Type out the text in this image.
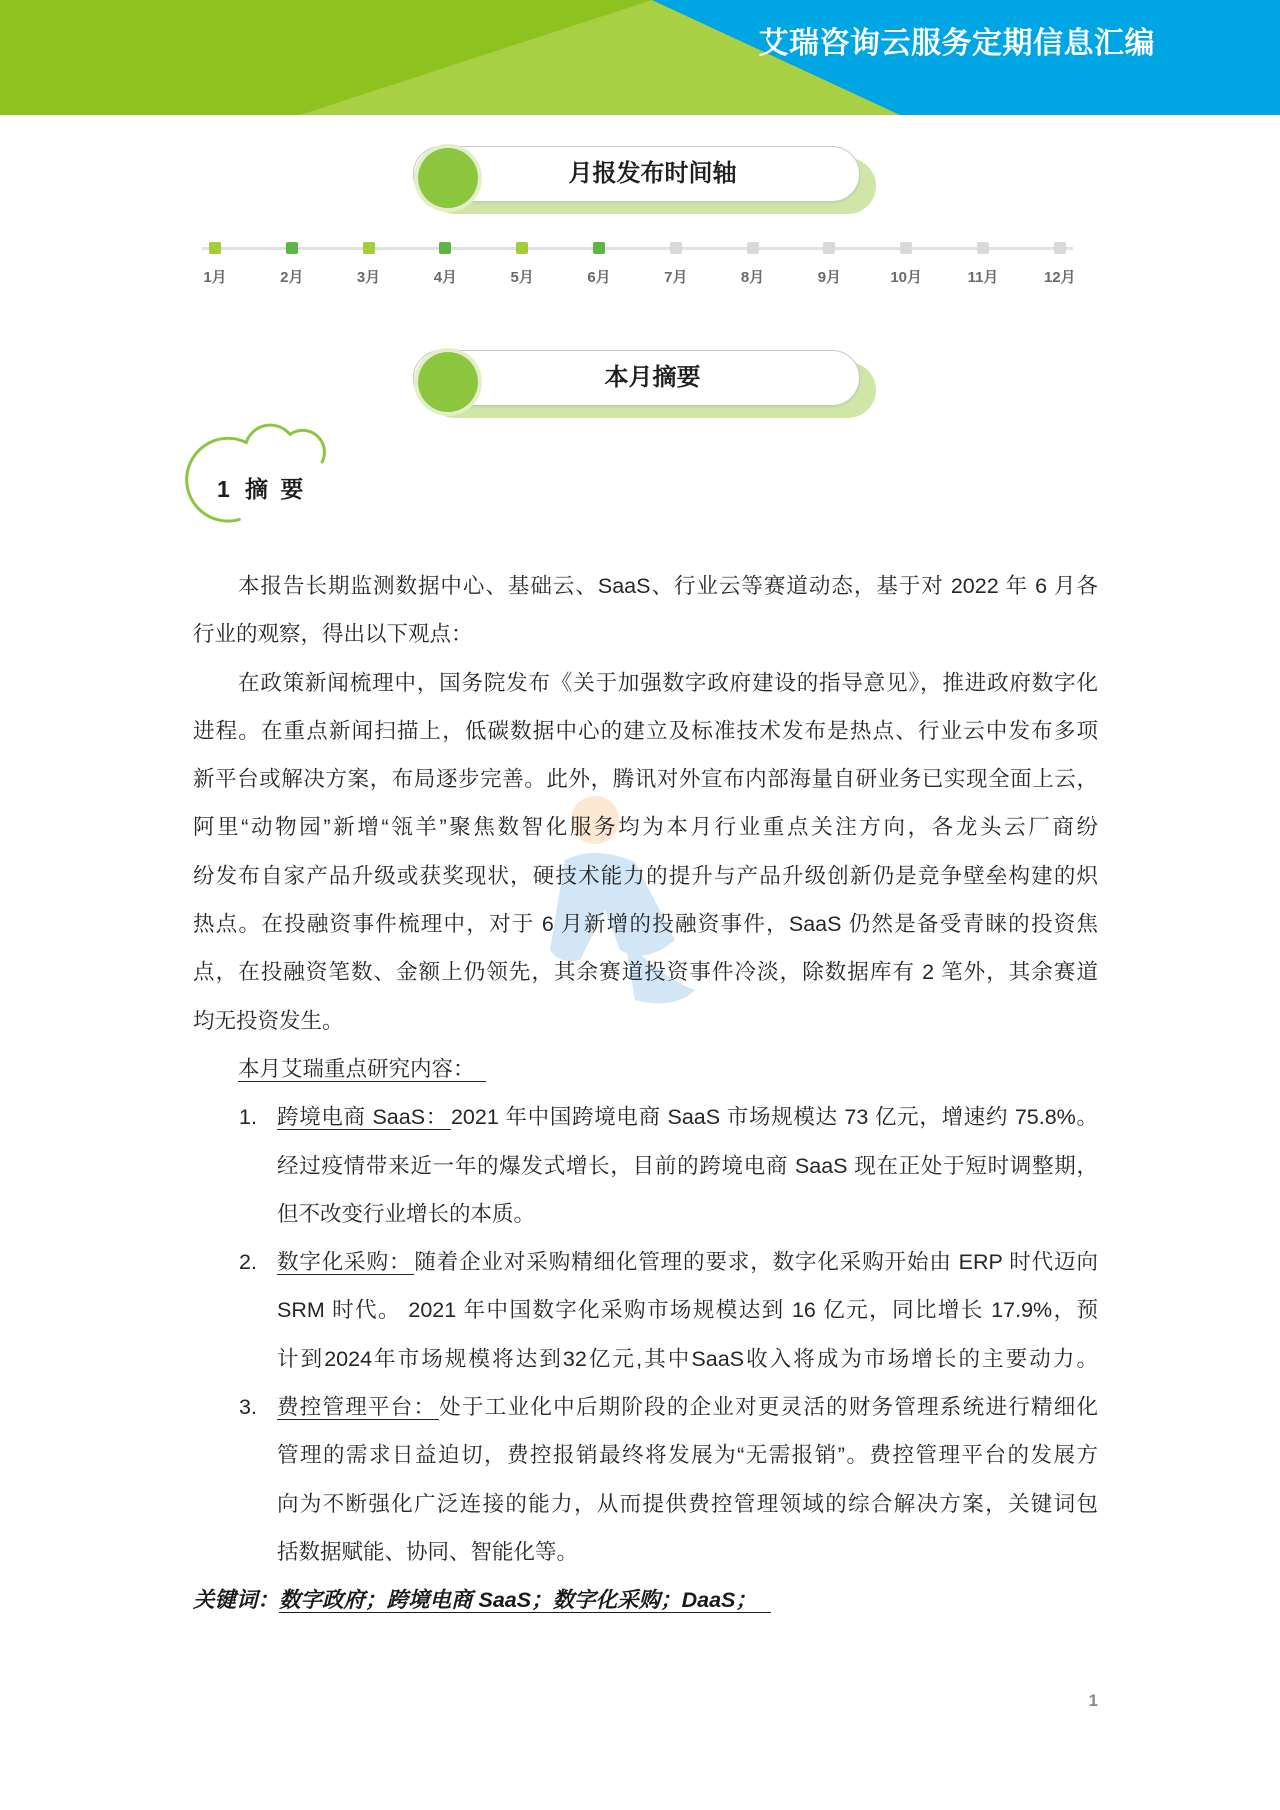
艾瑞咨询云服务定期信息汇编
月报发布时间轴
1月	2月	3月	4月	5月	6月	7月	8月	9月	10月	11月	12月
本月摘要
1 摘 要
本报告长期监测数据中心、基础云、SaaS、行业云等赛道动态，基于对 2022 年 6 月各
行业的观察，得出以下观点：
在政策新闻梳理中，国务院发布《关于加强数字政府建设的指导意见》，推进政府数字化
进程。在重点新闻扫描上，低碳数据中心的建立及标准技术发布是热点、行业云中发布多项
新平台或解决方案，布局逐步完善。此外，腾讯对外宣布内部海量自研业务已实现全面上云，
阿里“动物园”新增“瓴羊”聚焦数智化服务均为本月行业重点关注方向，各龙头云厂商纷
纷发布自家产品升级或获奖现状，硬技术能力的提升与产品升级创新仍是竞争壁垒构建的炽
热点。在投融资事件梳理中，对于 6 月新增的投融资事件，SaaS 仍然是备受青睐的投资焦
点，在投融资笔数、金额上仍领先，其余赛道投资事件冷淡，除数据库有 2 笔外，其余赛道
均无投资发生。
本月艾瑞重点研究内容：
1. 跨境电商 SaaS： 2021 年中国跨境电商 SaaS 市场规模达 73 亿元，增速约 75.8%。
经过疫情带来近一年的爆发式增长，目前的跨境电商 SaaS 现在正处于短时调整期，
但不改变行业增长的本质。
2. 数字化采购： 随着企业对采购精细化管理的要求，数字化采购开始由 ERP 时代迈向
SRM 时代。 2021 年中国数字化采购市场规模达到 16 亿元，同比增长 17.9%，预
计到2024年市场规模将达到32亿元,其中SaaS收入将成为市场增长的主要动力。
3. 费控管理平台： 处于工业化中后期阶段的企业对更灵活的财务管理系统进行精细化
管理的需求日益迫切，费控报销最终将发展为“无需报销”。费控管理平台的发展方
向为不断强化广泛连接的能力，从而提供费控管理领域的综合解决方案，关键词包
括数据赋能、协同、智能化等。
关键词：数字政府；跨境电商 SaaS；数字化采购；DaaS；
1
